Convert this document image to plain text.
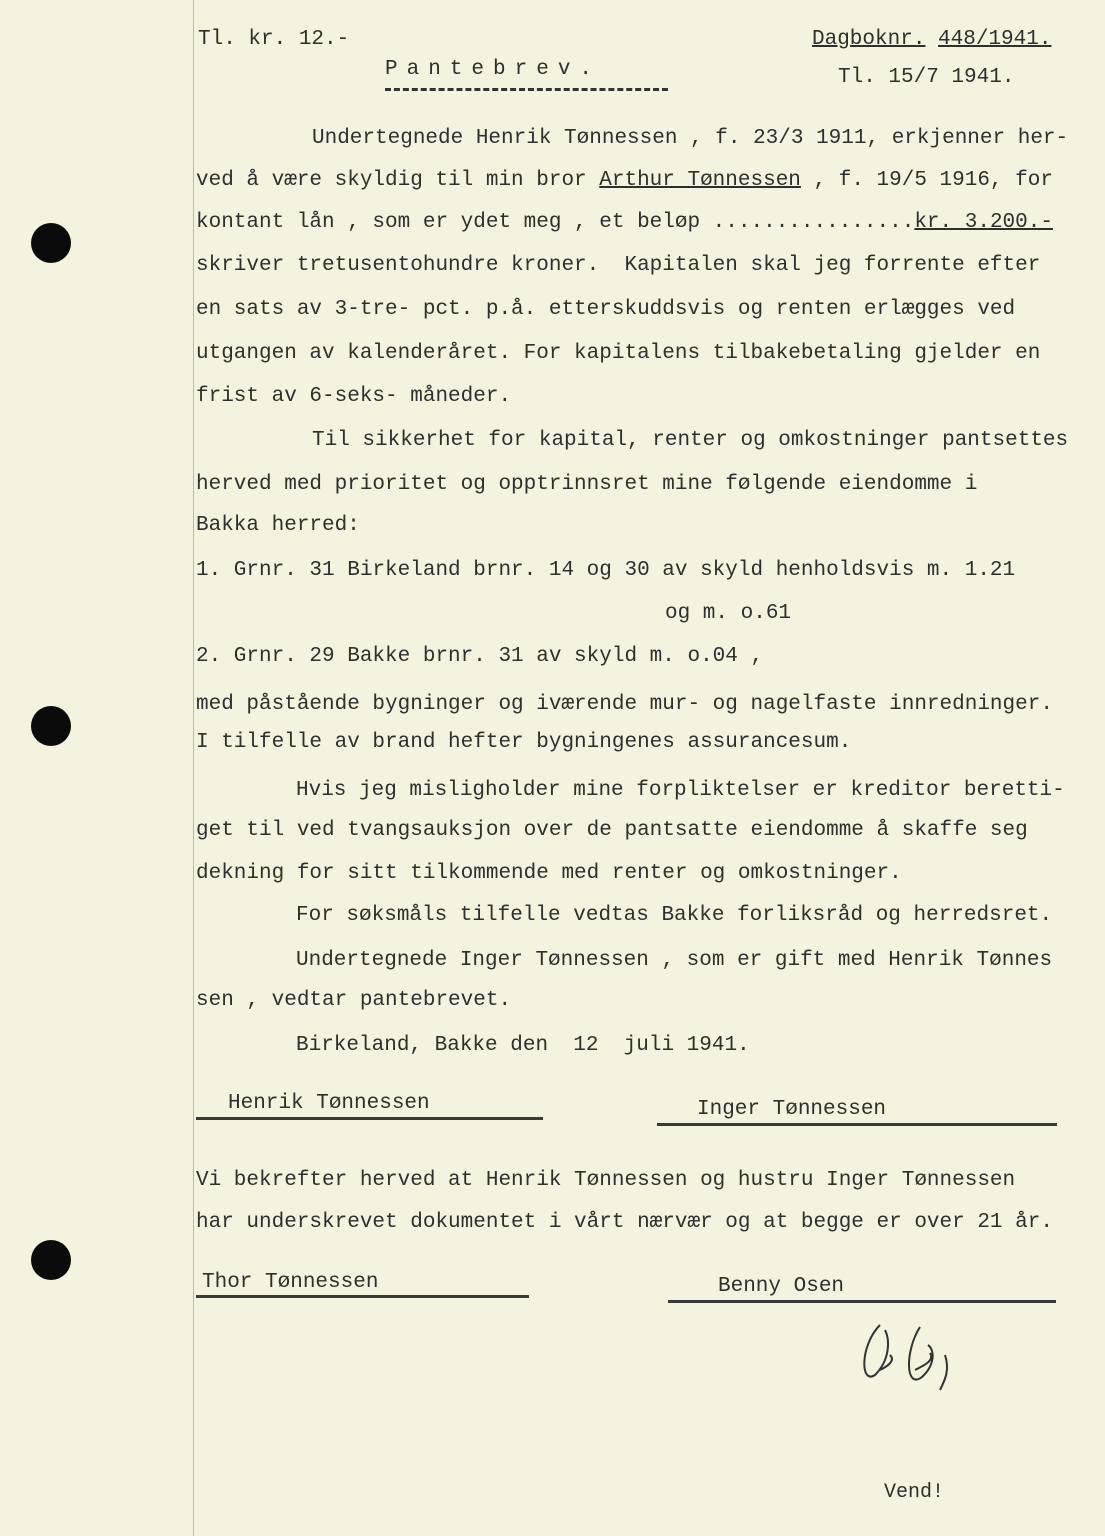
Tl. kr. 12.-
Pantebrev.
Dagboknr. 448/1941.
Tl. 15/7 1941.
Undertegnede Henrik Tønnessen , f. 23/3 1911, erkjenner her-
ved å være skyldig til min bror Arthur Tønnessen , f. 19/5 1916, for
kontant lån , som er ydet meg , et beløp ................kr. 3.200.-
skriver tretusentohundre kroner.  Kapitalen skal jeg forrente efter
en sats av 3-tre- pct. p.å. etterskuddsvis og renten erlægges ved
utgangen av kalenderåret. For kapitalens tilbakebetaling gjelder en
frist av 6-seks- måneder.
Til sikkerhet for kapital, renter og omkostninger pantsettes
herved med prioritet og opptrinnsret mine følgende eiendomme i
Bakka herred:
1. Grnr. 31 Birkeland brnr. 14 og 30 av skyld henholdsvis m. 1.21
og m. o.61
2. Grnr. 29 Bakke brnr. 31 av skyld m. o.04 ,
med påstående bygninger og iværende mur- og nagelfaste innredninger.
I tilfelle av brand hefter bygningenes assurancesum.
Hvis jeg misligholder mine forpliktelser er kreditor beretti-
get til ved tvangsauksjon over de pantsatte eiendomme å skaffe seg
dekning for sitt tilkommende med renter og omkostninger.
For søksmåls tilfelle vedtas Bakke forliksråd og herredsret.
Undertegnede Inger Tønnessen , som er gift med Henrik Tønnes
sen , vedtar pantebrevet.
Birkeland, Bakke den  12  juli 1941.
Henrik Tønnessen	Inger Tønnessen
Vi bekrefter herved at Henrik Tønnessen og hustru Inger Tønnessen
har underskrevet dokumentet i vårt nærvær og at begge er over 21 år.
Thor Tønnessen	Benny Osen
Vend!
